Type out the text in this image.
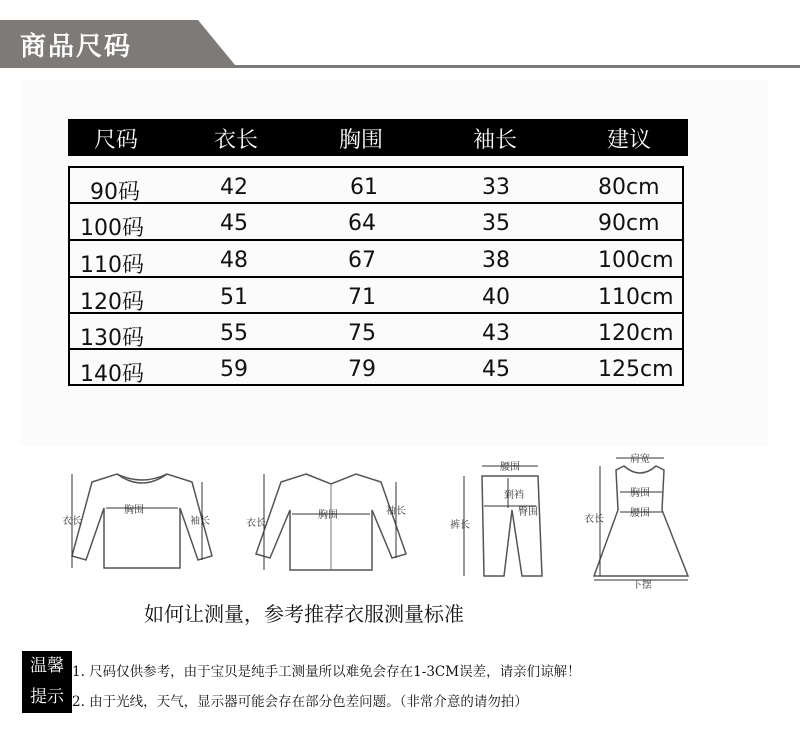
商品尺码
尺码	衣长	胸围	袖长	建议
90码	42	61	33	80cm
100码	45	64	35	90cm
110码	48	67	38	100cm
120码	51	71	40	110cm
130码	55	75	43	120cm
140码	59	79	45	125cm
衣长
胸围
袖长	衣长
胸围	袖长
腰围
到裆
臀围
裤长
肩宽
胸围
腰围
衣长
下摆
如何让测量，参考推荐衣服测量标准
温馨
提示
1. 尺码仅供参考，由于宝贝是纯手工测量所以难免会存在1-3CM误差，请亲们谅解！
2. 由于光线，天气，显示器可能会存在部分色差问题。（非常介意的请勿拍）
